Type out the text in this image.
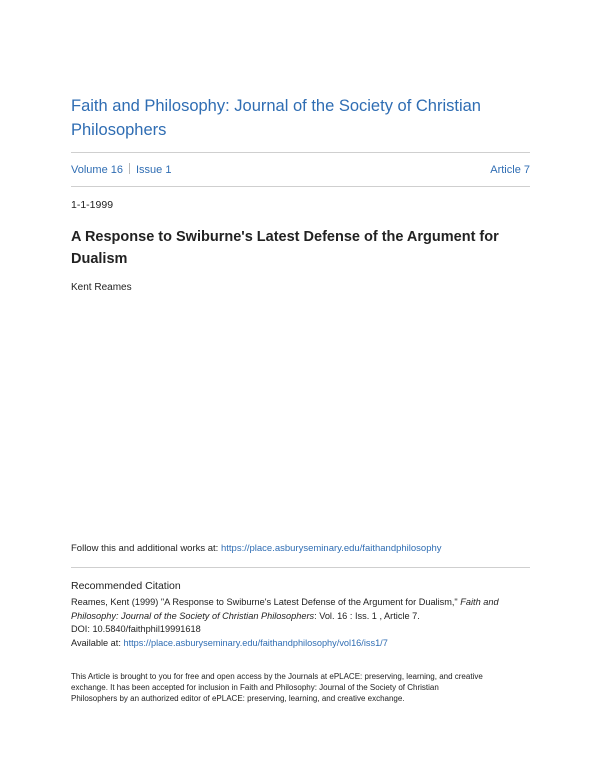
Faith and Philosophy: Journal of the Society of Christian
Philosophers
Volume 16 Issue 1	Article 7
1-1-1999
A Response to Swiburne's Latest Defense of the Argument for
Dualism
Kent Reames
Follow this and additional works at: https://place.asburyseminary.edu/faithandphilosophy
Recommended Citation
Reames, Kent (1999) "A Response to Swiburne's Latest Defense of the Argument for Dualism," Faith and
Philosophy: Journal of the Society of Christian Philosophers: Vol. 16 : Iss. 1 , Article 7.
DOI: 10.5840/faithphil19991618
Available at: https://place.asburyseminary.edu/faithandphilosophy/vol16/iss1/7
This Article is brought to you for free and open access by the Journals at ePLACE: preserving, learning, and creative
exchange. It has been accepted for inclusion in Faith and Philosophy: Journal of the Society of Christian
Philosophers by an authorized editor of ePLACE: preserving, learning, and creative exchange.
